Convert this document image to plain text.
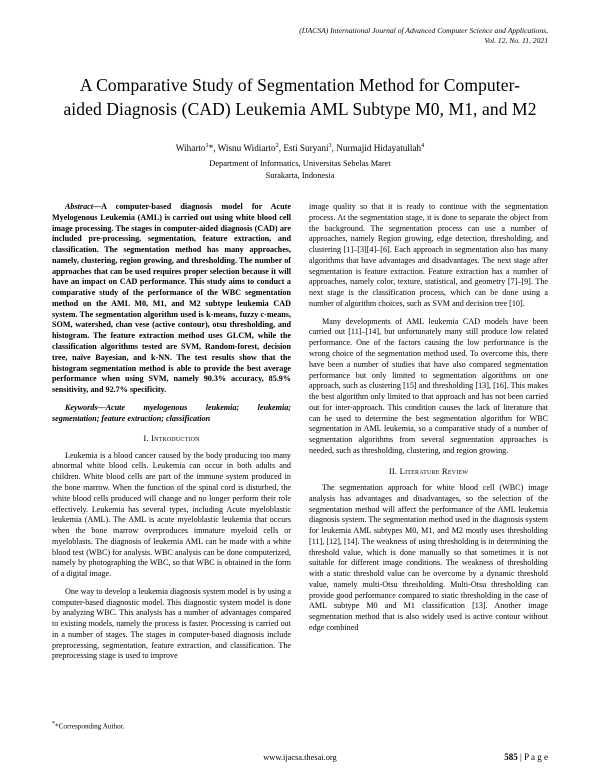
(IJACSA) International Journal of Advanced Computer Science and Applications,
Vol. 12, No. 11, 2021
A Comparative Study of Segmentation Method for Computer-aided Diagnosis (CAD) Leukemia AML Subtype M0, M1, and M2
Wiharto$^1$*, Wisnu Widiarto$^2$, Esti Suryani$^3$, Nurmajid Hidayatullah$^4$
Department of Informatics, Universitas Sebelas Maret
Surakarta, Indonesia

Abstract—A computer-based diagnosis model for Acute Myelogenous Leukemia (AML) is carried out using white blood cell image processing. The stages in computer-aided diagnosis (CAD) are included pre-processing, segmentation, feature extraction, and classification. The segmentation method has many approaches, namely, clustering, region growing, and thresholding. The number of approaches that can be used requires proper selection because it will have an impact on CAD performance. This study aims to conduct a comparative study of the performance of the WBC segmentation method on the AML M0, M1, and M2 subtype leukemia CAD system. The segmentation algorithm used is k-means, fuzzy c-means, SOM, watershed, chan vese (active contour), otsu thresholding, and histogram. The feature extraction method uses GLCM, while the classification algorithms tested are SVM, Random-forest, decision tree, naïve Bayesian, and k-NN. The test results show that the histogram segmentation method is able to provide the best average performance when using SVM, namely 90.3% accuracy, 85.9% sensitivity, and 92.7% specificity.

Keywords—Acute myelogenous leukemia; leukemia; segmentation; feature extraction; classification

I. Introduction

Leukemia is a blood cancer caused by the body producing too many abnormal white blood cells. Leukemia can occur in both adults and children. White blood cells are part of the immune system produced in the bone marrow. When the function of the spinal cord is disturbed, the white blood cells produced will change and no longer perform their role effectively. Leukemia has several types, including Acute myeloblastic leukemia (AML). The AML is acute myeloblastic leukemia that occurs when the bone marrow overproduces immature myeloid cells or myeloblasts. The diagnosis of leukemia AML can be made with a white blood test (WBC) for analysis. WBC analysis can be done computerized, namely by photographing the WBC, so that WBC is obtained in the form of a digital image.

One way to develop a leukemia diagnosis system model is by using a computer-based diagnostic model. This diagnostic system model is done by analyzing WBC. This analysis has a number of advantages compared to existing models, namely the process is faster. Processing is carried out in a number of stages. The stages in computer-based diagnosis include preprocessing, segmentation, feature extraction, and classification. The preprocessing stage is used to improve

image quality so that it is ready to continue with the segmentation process. At the segmentation stage, it is done to separate the object from the background. The segmentation process can use a number of approaches, namely Region growing, edge detection, thresholding, and clustering [1]–[3][4]–[6]. Each approach in segmentation also has many algorithms that have advantages and disadvantages. The next stage after segmentation is feature extraction. Feature extraction has a number of approaches, namely color, texture, statistical, and geometry [7]–[9]. The next stage is the classification process, which can be done using a number of algorithm choices, such as SVM and decision tree [10].

Many developments of AML leukemia CAD models have been carried out [11]–[14], but unfortunately many still produce low related performance. One of the factors causing the low performance is the wrong choice of the segmentation method used. To overcome this, there have been a number of studies that have also compared segmentation performance but only limited to segmentation algorithms on one approach, such as clustering [15] and thresholding [13], [16]. This makes the best algorithm only limited to that approach and has not been carried out for inter-approach. This condition causes the lack of literature that can be used to determine the best segmentation algorithm for WBC segmentation in AML leukemia, so a comparative study of a number of segmentation algorithms from several segmentation approaches is needed, such as thresholding, clustering, and region growing.

II. Literature Review

The segmentation approach for white blood cell (WBC) image analysis has advantages and disadvantages, so the selection of the segmentation method will affect the performance of the AML leukemia diagnosis system. The segmentation method used in the diagnosis system for leukemia AML subtypes M0, M1, and M2 mostly uses thresholding [11], [12], [14]. The weakness of using thresholding is in determining the threshold value, which is done manually so that sometimes it is not suitable for different image conditions. The weakness of thresholding with a static threshold value can be overcome by a dynamic threshold value, namely multi-Otsu thresholding. Multi-Otsu thresholding can provide good performance compared to static thresholding in the case of AML subtype M0 and M1 classification [13]. Another image segmentation method that is also widely used is active contour without edge combined

**Corresponding Author.
www.ijacsa.thesai.org	585 | P a g e
